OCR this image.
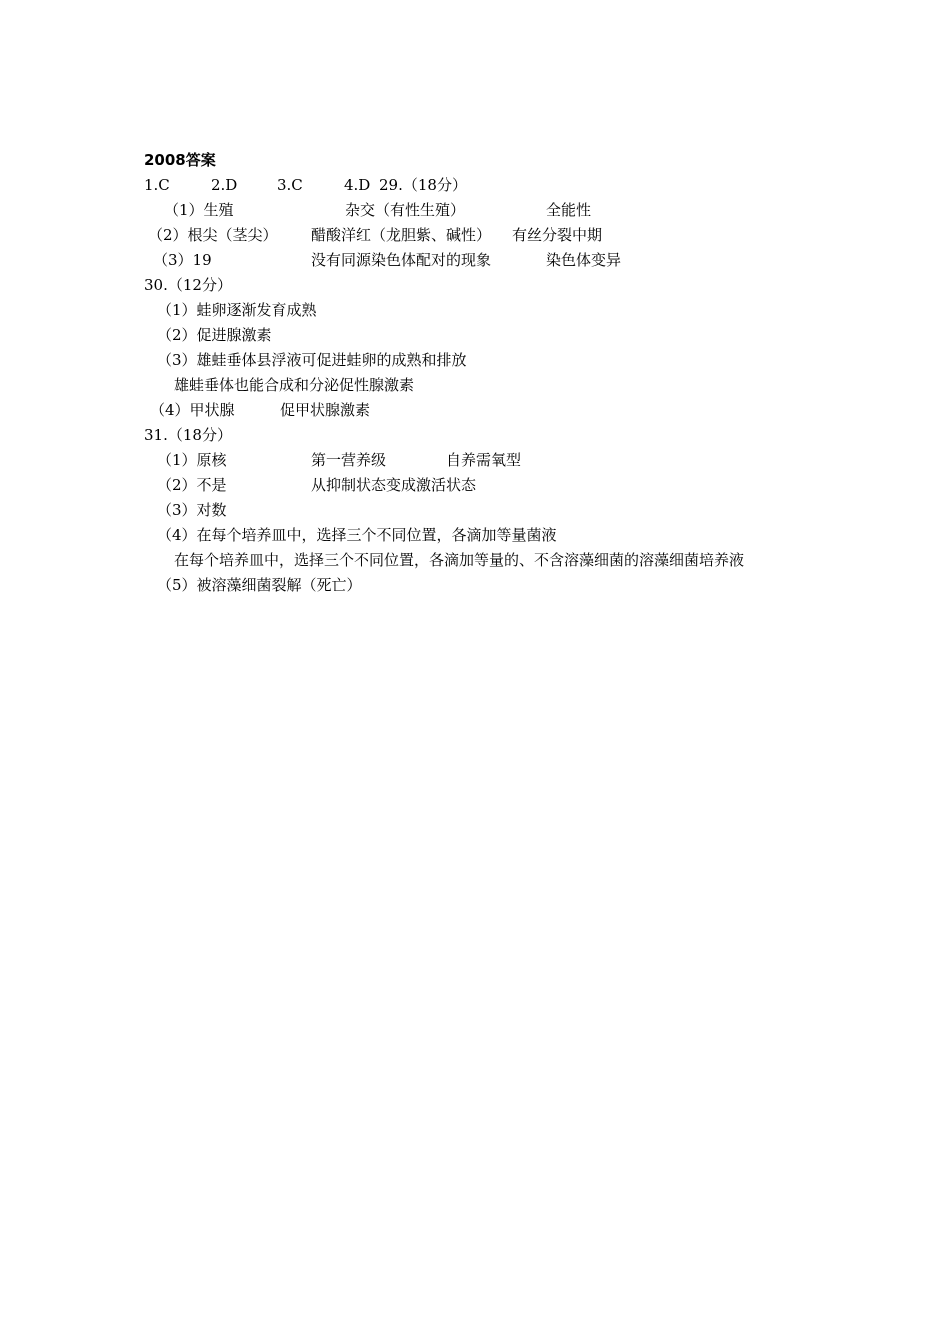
2008答案
1.C	2.D	3.C	4.D 29.（18分）
（1）生殖	杂交（有性生殖）	全能性
（2）根尖（茎尖） 醋酸洋红（龙胆紫、碱性） 有丝分裂中期
（3）19	没有同源染色体配对的现象	染色体变异
30.（12分）
（1）蛙卵逐渐发育成熟
（2）促进腺激素
（3）雄蛙垂体县浮液可促进蛙卵的成熟和排放
雄蛙垂体也能合成和分泌促性腺激素
（4）甲状腺	促甲状腺激素
31.（18分）
（1）原核	第一营养级	自养需氧型
（2）不是	从抑制状态变成激活状态
（3）对数
（4）在每个培养皿中，选择三个不同位置，各滴加等量菌液
在每个培养皿中，选择三个不同位置，各滴加等量的、不含溶藻细菌的溶藻细菌培养液
（5）被溶藻细菌裂解（死亡）
